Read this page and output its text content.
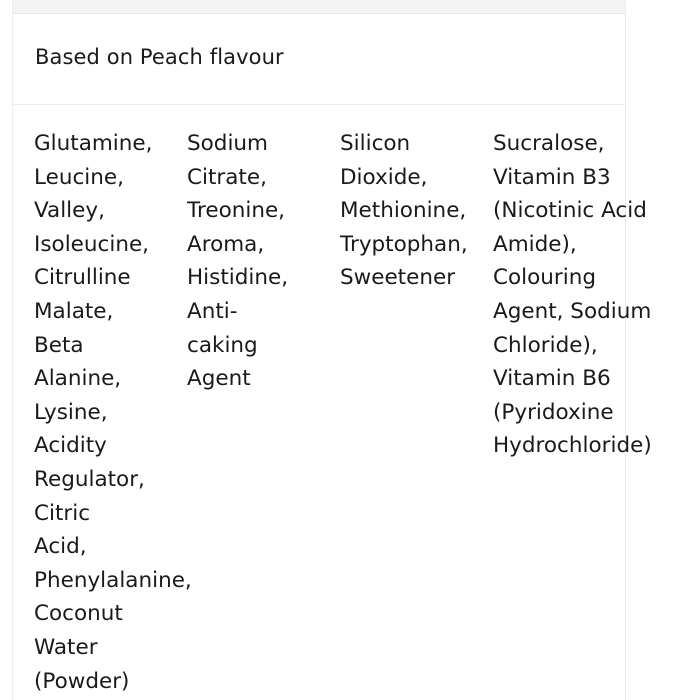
Based on Peach flavour
Glutamine,
Leucine,
Valley,
Isoleucine,
Citrulline
Malate,
Beta
Alanine,
Lysine,
Acidity
Regulator,
Citric
Acid,
Phenylalanine,
Coconut
Water
(Powder)
Sodium
Citrate,
Treonine,
Aroma,
Histidine,
Anti-
caking
Agent
Silicon
Dioxide,
Methionine,
Tryptophan,
Sweetener
Sucralose,
Vitamin B3
(Nicotinic Acid
Amide),
Colouring
Agent, Sodium
Chloride),
Vitamin B6
(Pyridoxine
Hydrochloride)
